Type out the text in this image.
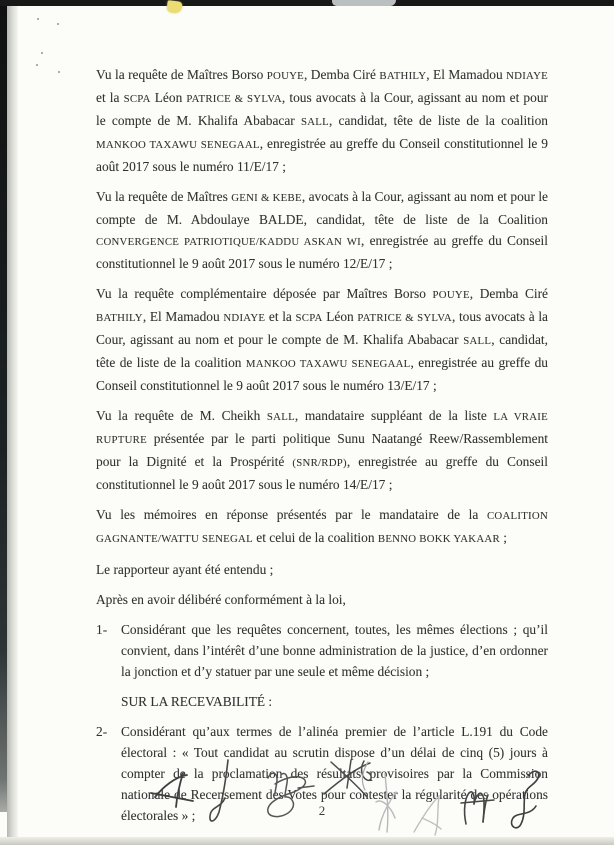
Vu la requête de Maîtres Borso POUYE, Demba Ciré BATHILY, El Mamadou NDIAYE et la SCPA Léon PATRICE & SYLVA, tous avocats à la Cour, agissant au nom et pour le compte de M. Khalifa Ababacar SALL, candidat, tête de liste de la coalition MANKOO TAXAWU SENEGAAL, enregistrée au greffe du Conseil constitutionnel le 9 août 2017 sous le numéro 11/E/17 ;

Vu la requête de Maîtres GENI & KEBE, avocats à la Cour, agissant au nom et pour le compte de M. Abdoulaye BALDE, candidat, tête de liste de la Coalition CONVERGENCE PATRIOTIQUE/KADDU ASKAN WI, enregistrée au greffe du Conseil constitutionnel le 9 août 2017 sous le numéro 12/E/17 ;

Vu la requête complémentaire déposée par Maîtres Borso POUYE, Demba Ciré BATHILY, El Mamadou NDIAYE et la SCPA Léon PATRICE & SYLVA, tous avocats à la Cour, agissant au nom et pour le compte de M. Khalifa Ababacar SALL, candidat, tête de liste de la coalition MANKOO TAXAWU SENEGAAL, enregistrée au greffe du Conseil constitutionnel le 9 août 2017 sous le numéro 13/E/17 ;

Vu la requête de M. Cheikh SALL, mandataire suppléant de la liste LA VRAIE RUPTURE présentée par le parti politique Sunu Naatangé Reew/Rassemblement pour la Dignité et la Prospérité (SNR/RDP), enregistrée au greffe du Conseil constitutionnel le 9 août 2017 sous le numéro 14/E/17 ;

Vu les mémoires en réponse présentés par le mandataire de la COALITION GAGNANTE/WATTU SENEGAL et celui de la coalition BENNO BOKK YAKAAR ;

Le rapporteur ayant été entendu ;

Après en avoir délibéré conformément à la loi,

1- Considérant que les requêtes concernent, toutes, les mêmes élections ; qu’il convient, dans l’intérêt d’une bonne administration de la justice, d’en ordonner la jonction et d’y statuer par une seule et même décision ;

SUR LA RECEVABILITÉ :

2- Considérant qu’aux termes de l’alinéa premier de l’article L.191 du Code électoral : « Tout candidat au scrutin dispose d’un délai de cinq (5) jours à compter de la proclamation des résultats provisoires par la Commission nationale de Recensement des Votes pour contester la régularité des opérations électorales » ;	2
